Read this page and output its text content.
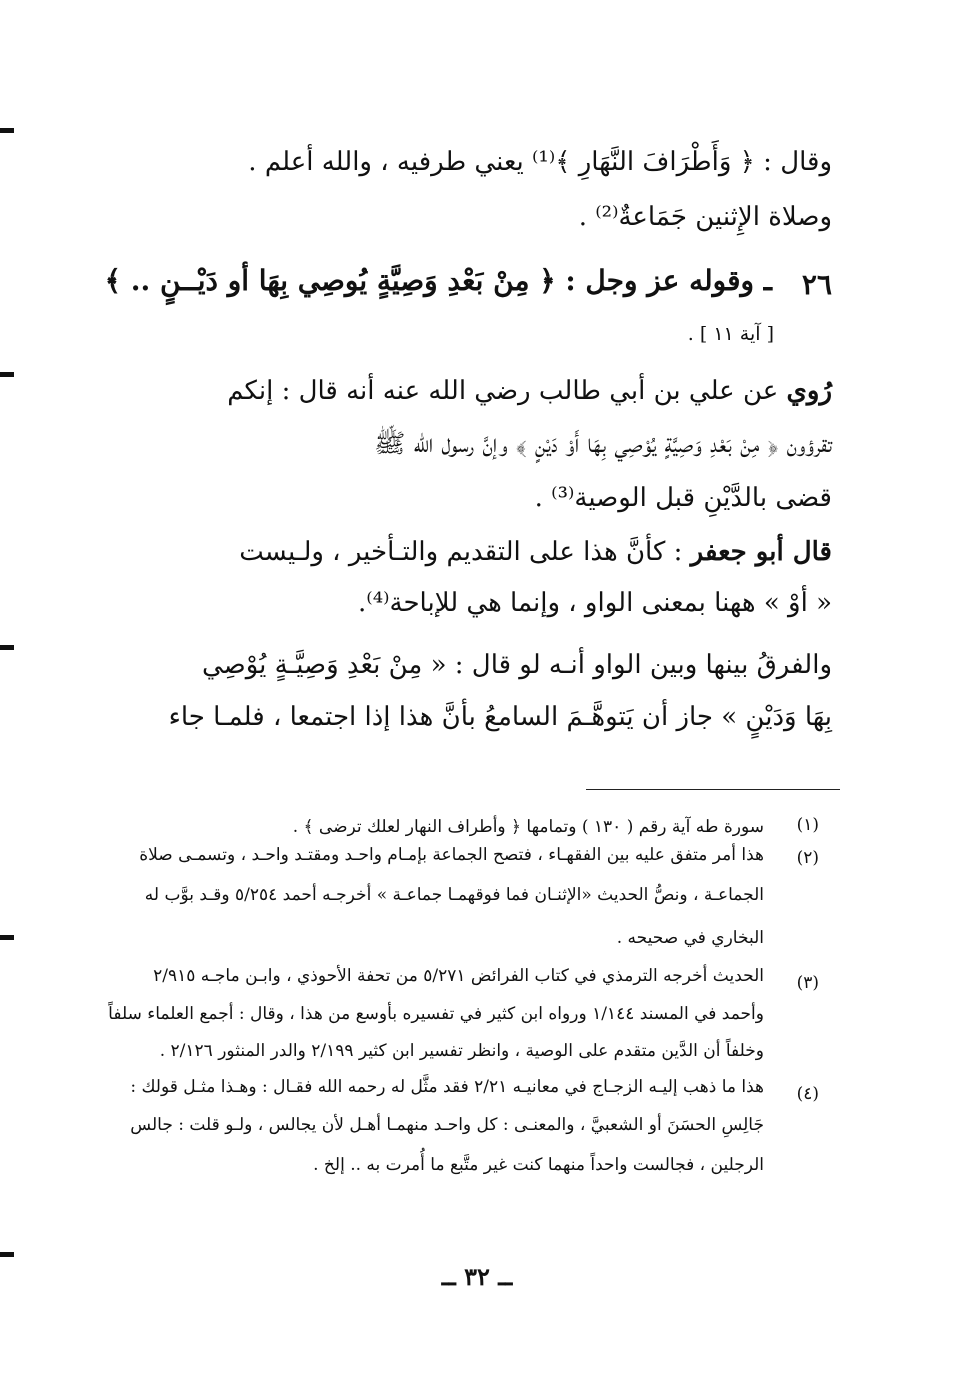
وقال : ﴿ وَأَطْرَافَ النَّهَارِ ﴾⁽¹⁾ يعني طرفيه ، والله أعلم .
وصلاة الإِثنين جَمَاعةٌ⁽²⁾ .
٢٦
ـ وقوله عز وجل : ﴿ مِنْ بَعْدِ وَصِيَّةٍ يُوصِي بِهَا أو دَيْــنٍ .. ﴾
[ آية ١١ ] .
رُوي عن علي بن أبي طالب رضي الله عنه أنه قال : إنكم
تقرؤون ﴿ مِنْ بَعْدِ وَصِيَّةٍ يُوْصِي بِهَا أَوْ دَيْنٍ ﴾ وإنَّ رسول الله ﷺ
قضى بالدَّيْنِ قبل الوصية⁽³⁾ .
قال أبو جعفر : كأنَّ هذا على التقديم والتـأخير ، ولـيست
« أوْ » ههنا بمعنى الواو ، وإنما هي للإباحة⁽⁴⁾.
والفرقُ بينها وبين الواو أنـه لو قال : « مِنْ بَعْدِ وَصِيَّـةٍ يُوْصِي
بِهَا وَدَيْنٍ » جاز أن يَتوهَّـمَ السامعُ بأنَّ هذا إذا اجتمعا ، فلمـا جاء
(١)
سورة طه آية رقم ( ١٣٠ ) وتمامها ﴿ وأطراف النهار لعلك ترضى ﴾ .
(٢)
هذا أمر متفق عليه بين الفقهـاء ، فتصح الجماعة بإمـام واحـد ومقتـد واحـد ، وتسمـى صلاة
الجماعـة ، ونصُّ الحديث «الإثنـان فما فوقهمـا جماعـة » أخرجـه أحمد ٥/٢٥٤ وقـد بوَّب له
البخاري في صحيحه .
(٣)
الحديث أخرجه الترمذي في كتاب الفرائض ٥/٢٧١ من تحفة الأحوذي ، وابـن ماجـه ٢/٩١٥
وأحمد في المسند ١/١٤٤ ورواه ابن كثير في تفسيره بأوسع من هذا ، وقال : أجمع العلماء سلفاً
وخلفاً أن الدَّين متقدم على الوصية ، وانظر تفسير ابن كثير ٢/١٩٩ والدر المنثور ٢/١٢٦ .
(٤)
هذا ما ذهب إليـه الزجـاج في معانيـه ٢/٢١ فقد مثَّل له رحمه الله فقـال : وهـذا مثـل قولك :
جَالِسِ الحسَنَ أو الشعبيَّ ، والمعنـى : كل واحـد منهمـا أهـل لأن يجالس ، ولـو قلت : جالس
الرجلين ، فجالست واحداً منهما كنت غير متَّبع ما أُمرت به .. إلخ .
ــ ٣٢ ــ
